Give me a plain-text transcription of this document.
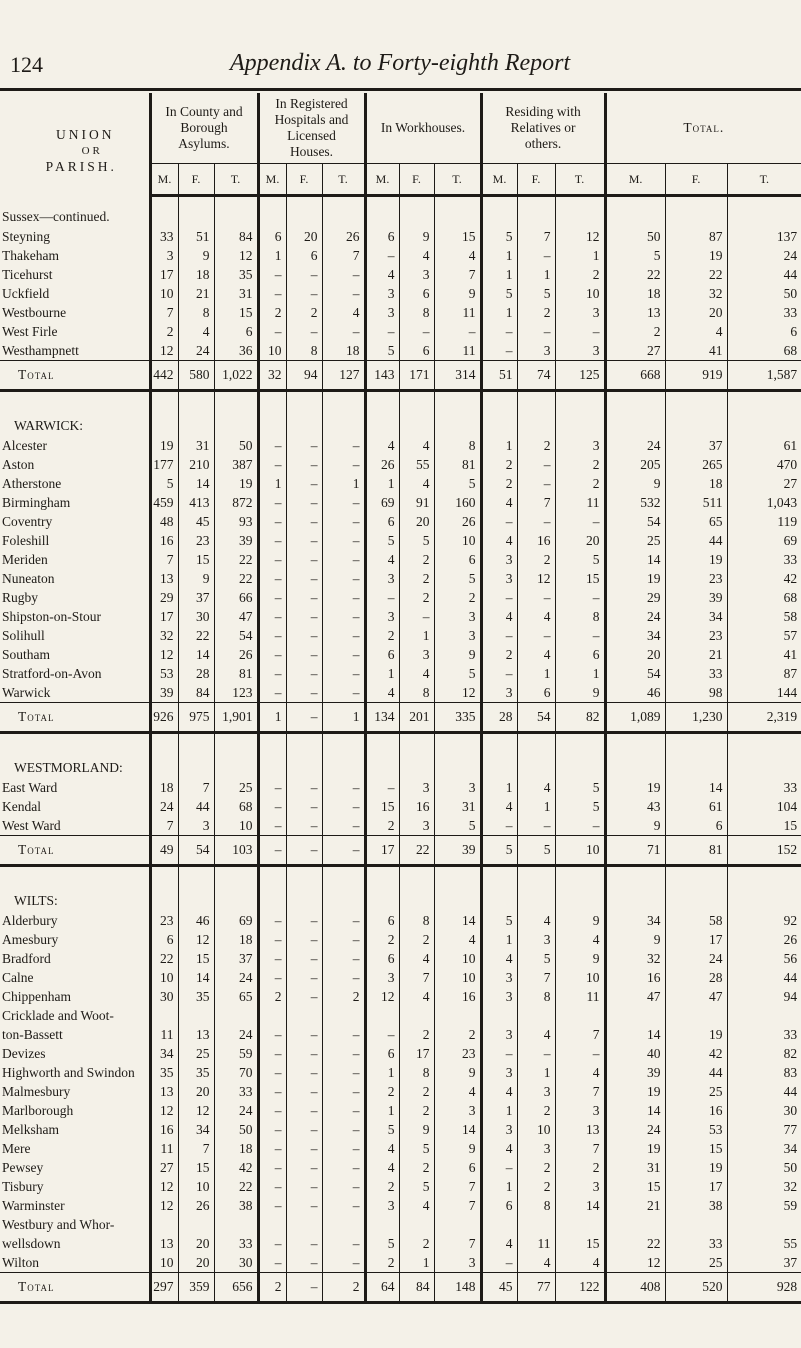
124	Appendix A. to Forty-eighth Report
UNION
OR
PARISH.	In County and Borough Asylums.			In Registered Hospitals and Licensed Houses.			In Workhouses.			Residing with Relatives or others.			Total.		
	M.	F.	T.	M.	F.	T.	M.	F.	T.	M.	F.	T.	M.	F.	T.
Sussex—continued.															
Steyning	33	51	84	6	20	26	6	9	15	5	7	12	50	87	137
Thakeham	3	9	12	1	6	7	–	4	4	1	–	1	5	19	24
Ticehurst	17	18	35	–	–	–	4	3	7	1	1	2	22	22	44
Uckfield	10	21	31	–	–	–	3	6	9	5	5	10	18	32	50
Westbourne	7	8	15	2	2	4	3	8	11	1	2	3	13	20	33
West Firle	2	4	6	–	–	–	–	–	–	–	–	–	2	4	6
Westhampnett	12	24	36	10	8	18	5	6	11	–	3	3	27	41	68
Total	442	580	1,022	32	94	127	143	171	314	51	74	125	668	919	1,587

WARWICK:															
Alcester	19	31	50	–	–	–	4	4	8	1	2	3	24	37	61
Aston	177	210	387	–	–	–	26	55	81	2	–	2	205	265	470
Atherstone	5	14	19	1	–	1	1	4	5	2	–	2	9	18	27
Birmingham	459	413	872	–	–	–	69	91	160	4	7	11	532	511	1,043
Coventry	48	45	93	–	–	–	6	20	26	–	–	–	54	65	119
Foleshill	16	23	39	–	–	–	5	5	10	4	16	20	25	44	69
Meriden	7	15	22	–	–	–	4	2	6	3	2	5	14	19	33
Nuneaton	13	9	22	–	–	–	3	2	5	3	12	15	19	23	42
Rugby	29	37	66	–	–	–	–	2	2	–	–	–	29	39	68
Shipston-on-Stour	17	30	47	–	–	–	3	–	3	4	4	8	24	34	58
Solihull	32	22	54	–	–	–	2	1	3	–	–	–	34	23	57
Southam	12	14	26	–	–	–	6	3	9	2	4	6	20	21	41
Stratford-on-Avon	53	28	81	–	–	–	1	4	5	–	1	1	54	33	87
Warwick	39	84	123	–	–	–	4	8	12	3	6	9	46	98	144
Total	926	975	1,901	1	–	1	134	201	335	28	54	82	1,089	1,230	2,319

WESTMORLAND:															
East Ward	18	7	25	–	–	–	–	3	3	1	4	5	19	14	33
Kendal	24	44	68	–	–	–	15	16	31	4	1	5	43	61	104
West Ward	7	3	10	–	–	–	2	3	5	–	–	–	9	6	15
Total	49	54	103	–	–	–	17	22	39	5	5	10	71	81	152

WILTS:															
Alderbury	23	46	69	–	–	–	6	8	14	5	4	9	34	58	92
Amesbury	6	12	18	–	–	–	2	2	4	1	3	4	9	17	26
Bradford	22	15	37	–	–	–	6	4	10	4	5	9	32	24	56
Calne	10	14	24	–	–	–	3	7	10	3	7	10	16	28	44
Chippenham	30	35	65	2	–	2	12	4	16	3	8	11	47	47	94
Cricklade and Woot-															
ton-Bassett	11	13	24	–	–	–	–	2	2	3	4	7	14	19	33
Devizes	34	25	59	–	–	–	6	17	23	–	–	–	40	42	82
Highworth and Swindon	35	35	70	–	–	–	1	8	9	3	1	4	39	44	83
Malmesbury	13	20	33	–	–	–	2	2	4	4	3	7	19	25	44
Marlborough	12	12	24	–	–	–	1	2	3	1	2	3	14	16	30
Melksham	16	34	50	–	–	–	5	9	14	3	10	13	24	53	77
Mere	11	7	18	–	–	–	4	5	9	4	3	7	19	15	34
Pewsey	27	15	42	–	–	–	4	2	6	–	2	2	31	19	50
Tisbury	12	10	22	–	–	–	2	5	7	1	2	3	15	17	32
Warminster	12	26	38	–	–	–	3	4	7	6	8	14	21	38	59
Westbury and Whor-															
wellsdown	13	20	33	–	–	–	5	2	7	4	11	15	22	33	55
Wilton	10	20	30	–	–	–	2	1	3	–	4	4	12	25	37
Total	297	359	656	2	–	2	64	84	148	45	77	122	408	520	928
